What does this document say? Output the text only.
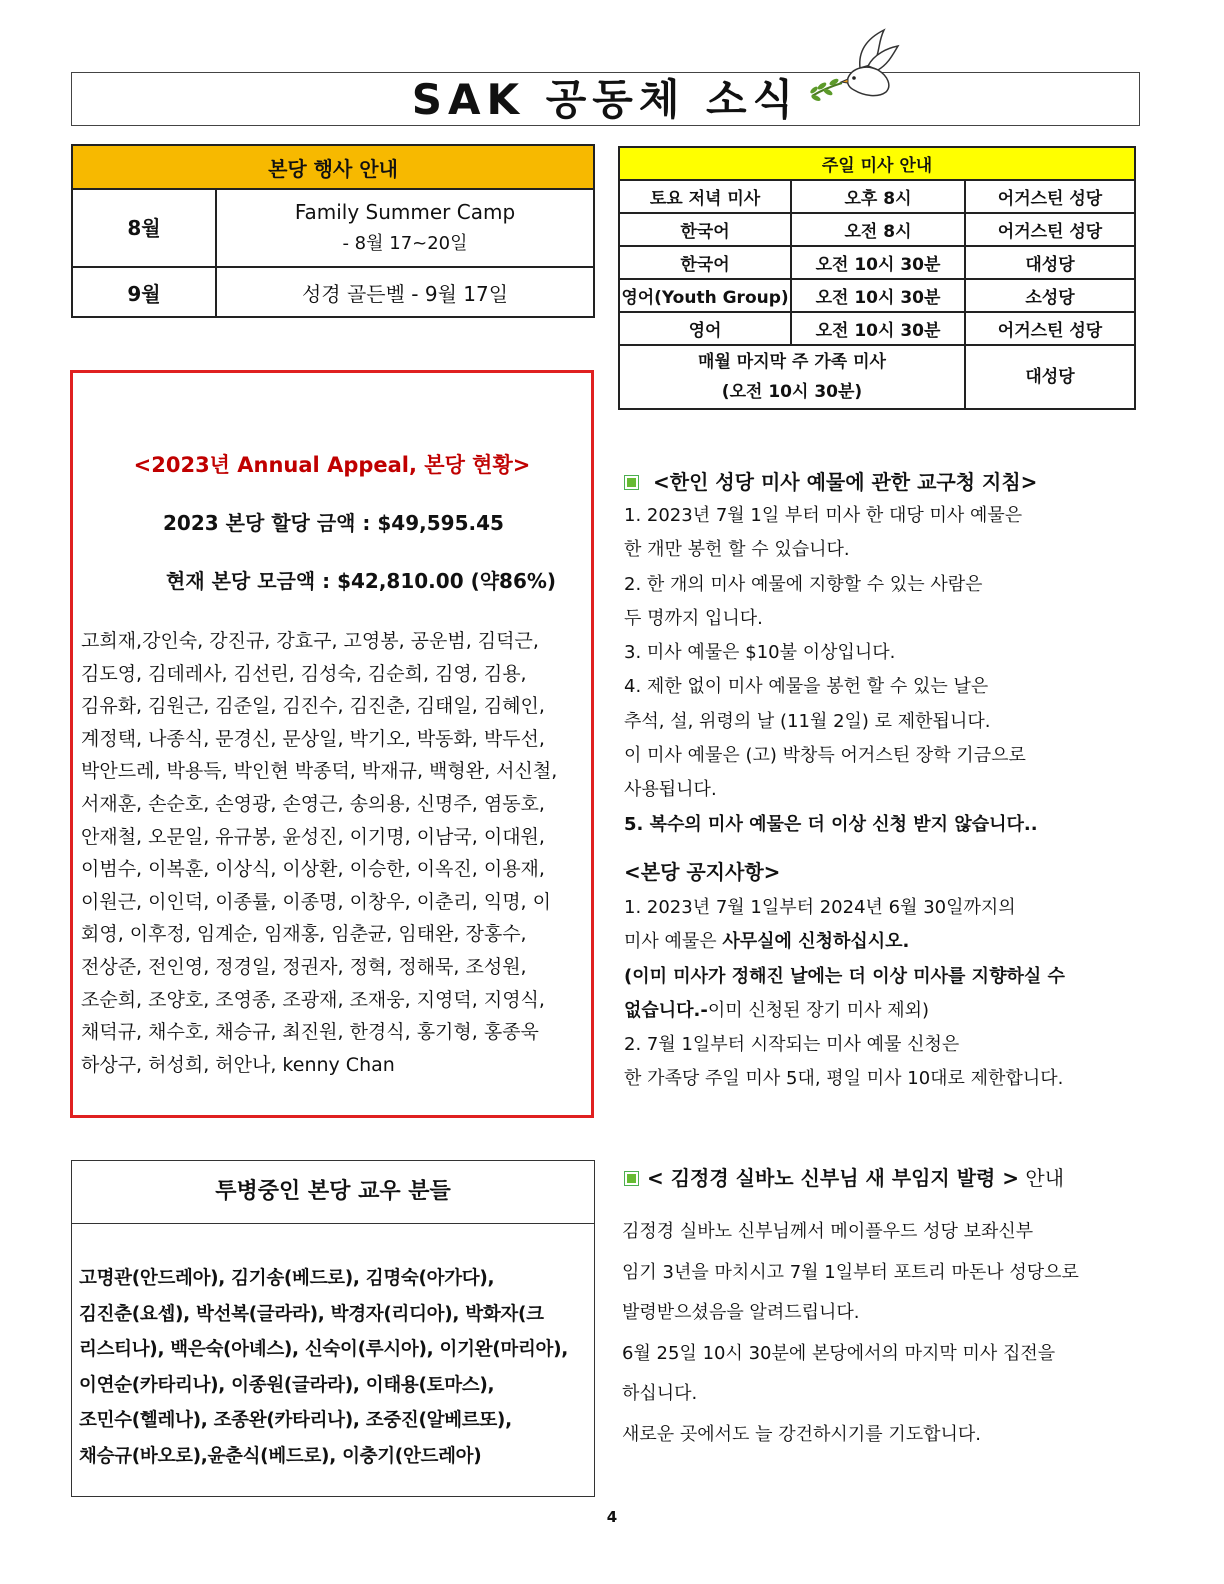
SAK 공동체 소식
본당 행사 안내	
8월	Family Summer Camp
- 8월 17~20일

9월	성경 골든벨 - 9월 17일
주일 미사 안내		
토요 저녁 미사	오후 8시	어거스틴 성당
한국어	오전 8시	어거스틴 성당
한국어	오전 10시 30분	대성당
영어(Youth Group)	오전 10시 30분	소성당
영어	오전 10시 30분	어거스틴 성당

매월 마지막 주 가족 미사
(오전 10시 30분)		대성당
<2023년 Annual Appeal, 본당 현황>
2023 본당 할당 금액 : $49,595.45
현재 본당 모금액 : $42,810.00 (약86%)
고희재,강인숙, 강진규, 강효구, 고영봉, 공운범, 김덕근,
김도영, 김데레사, 김선린, 김성숙, 김순희, 김영, 김용,
김유화, 김원근, 김준일, 김진수, 김진춘, 김태일, 김혜인,
계정택, 나종식, 문경신, 문상일, 박기오, 박동화, 박두선,
박안드레, 박용득, 박인현 박종덕, 박재규, 백형완, 서신철,
서재훈, 손순호, 손영광, 손영근, 송의용, 신명주, 염동호,
안재철, 오문일, 유규봉, 윤성진, 이기명, 이남국, 이대원,
이범수, 이복훈, 이상식, 이상환, 이승한, 이옥진, 이용재,
이원근, 이인덕, 이종률, 이종명, 이창우, 이춘리, 익명, 이
회영, 이후정, 임계순, 임재홍, 임춘균, 임태완, 장홍수,
전상준, 전인영, 정경일, 정권자, 정혁, 정해묵, 조성원,
조순희, 조양호, 조영종, 조광재, 조재웅, 지영덕, 지영식,
채덕규, 채수호, 채승규, 최진원, 한경식, 홍기형, 홍종욱
하상구, 허성희, 허안나, kenny Chan
투병중인 본당 교우 분들
고명관(안드레아), 김기송(베드로), 김명숙(아가다),
김진춘(요셉), 박선복(글라라), 박경자(리디아), 박화자(크
리스티나), 백은숙(아녜스), 신숙이(루시아), 이기완(마리아),
이연순(카타리나), 이종원(글라라), 이태용(토마스),
조민수(헬레나), 조종완(카타리나), 조중진(알베르또),
채승규(바오로),윤춘식(베드로), 이충기(안드레아)
<한인 성당 미사 예물에 관한 교구청 지침>
1. 2023년 7월 1일 부터 미사 한 대당 미사 예물은
한 개만 봉헌 할 수 있습니다.
2. 한 개의 미사 예물에 지향할 수 있는 사람은
두 명까지 입니다.
3. 미사 예물은 $10불 이상입니다.
4. 제한 없이 미사 예물을 봉헌 할 수 있는 날은
추석, 설, 위령의 날 (11월 2일) 로 제한됩니다.
이 미사 예물은 (고) 박창득 어거스틴 장학 기금으로
사용됩니다.
5. 복수의 미사 예물은 더 이상 신청 받지 않습니다..
<본당 공지사항>
1. 2023년 7월 1일부터 2024년 6월 30일까지의
미사 예물은 사무실에 신청하십시오.
(이미 미사가 정해진 날에는 더 이상 미사를 지향하실 수
없습니다.-이미 신청된 장기 미사 제외)
2. 7월 1일부터 시작되는 미사 예물 신청은
한 가족당 주일 미사 5대, 평일 미사 10대로 제한합니다.
< 김정경 실바노 신부님 새 부임지 발령 > 안내
김정경 실바노 신부님께서 메이플우드 성당 보좌신부
임기 3년을 마치시고 7월 1일부터 포트리 마돈나 성당으로
발령받으셨음을 알려드립니다.
6월 25일 10시 30분에 본당에서의 마지막 미사 집전을
하십니다.
새로운 곳에서도 늘 강건하시기를 기도합니다.
4
